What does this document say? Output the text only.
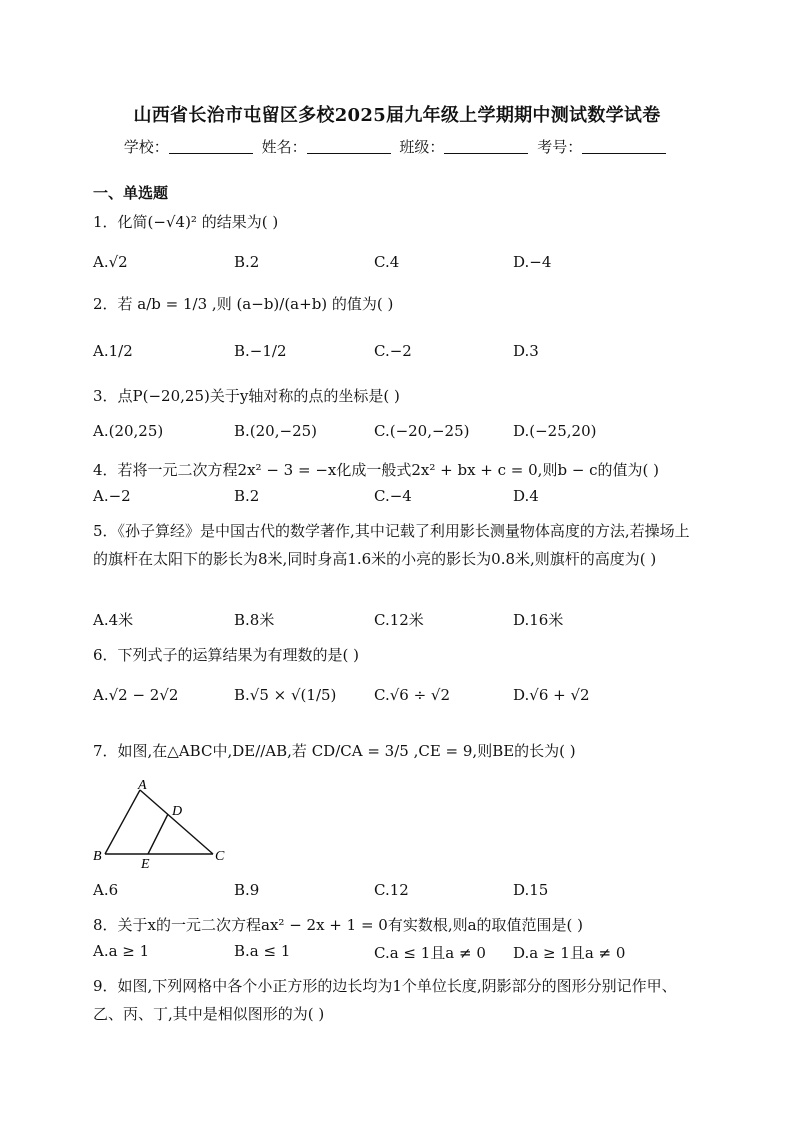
山西省长治市屯留区多校2025届九年级上学期期中测试数学试卷
学校：	姓名：	班级：	考号：
一、单选题
1．化简(−√4)² 的结果为( )
A.√2	B.2	C.4	D.−4
2．若 a/b = 1/3 ,则 (a−b)/(a+b) 的值为( )
A.1/2	B.−1/2	C.−2	D.3
3．点P(−20,25)关于y轴对称的点的坐标是( )
A.(20,25)	B.(20,−25)	C.(−20,−25)	D.(−25,20)
4．若将一元二次方程2x² − 3 = −x化成一般式2x² + bx + c = 0,则b − c的值为( )
A.−2	B.2	C.−4	D.4
5．《孙子算经》是中国古代的数学著作,其中记载了利用影长测量物体高度的方法,若操场上的旗杆在太阳下的影长为8米,同时身高1.6米的小亮的影长为0.8米,则旗杆的高度为( )
A.4米	B.8米	C.12米	D.16米
6．下列式子的运算结果为有理数的是( )
A.√2 − 2√2	B.√5 × √(1/5)	C.√6 ÷ √2	D.√6 + √2
7．如图,在△ABC中,DE//AB,若 CD/CA = 3/5 ,CE = 9,则BE的长为( )
A
B	C
D
E
A.6	B.9	C.12	D.15
8．关于x的一元二次方程ax² − 2x + 1 = 0有实数根,则a的取值范围是( )
A.a ≥ 1	B.a ≤ 1	C.a ≤ 1且a ≠ 0 D.a ≥ 1且a ≠ 0
9．如图,下列网格中各个小正方形的边长均为1个单位长度,阴影部分的图形分别记作甲、乙、丙、丁,其中是相似图形的为( )
